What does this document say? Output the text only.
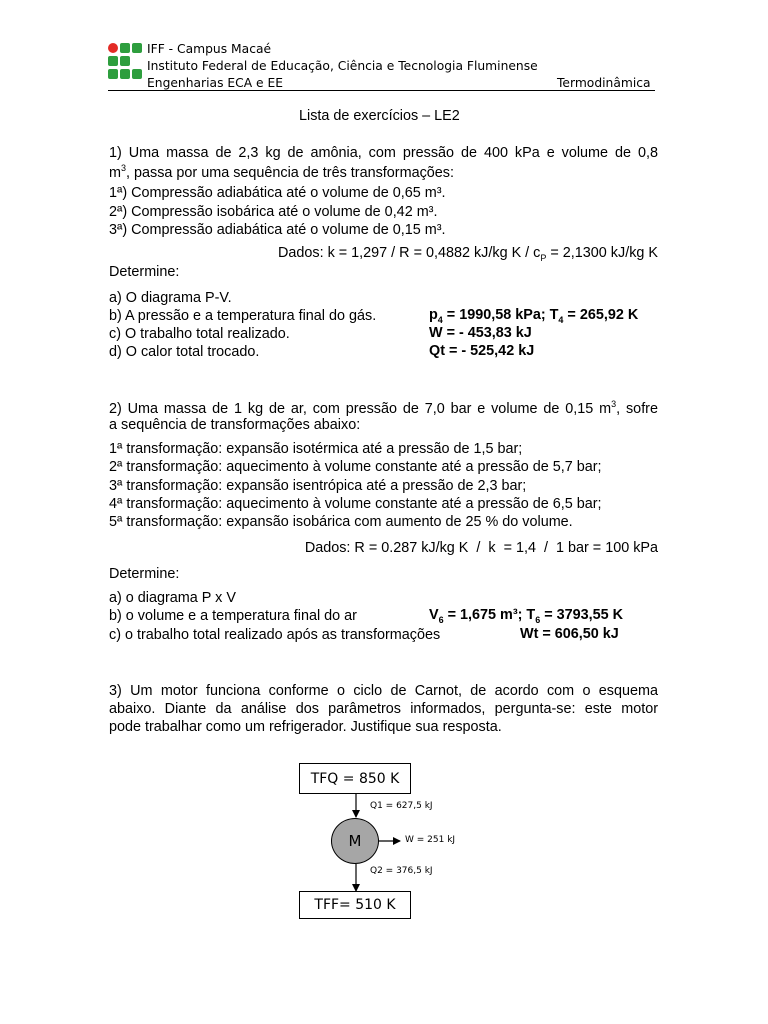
IFF - Campus Macaé
Instituto Federal de Educação, Ciência e Tecnologia Fluminense
Engenharias ECA e EE	Termodinâmica
Lista de exercícios – LE2
1) Uma massa de 2,3 kg de amônia, com pressão de 400 kPa e volume de 0,8
$m^3$, passa por uma sequência de três transformações:
1ª) Compressão adiabática até o volume de 0,65 m³.
2ª) Compressão isobárica até o volume de 0,42 m³.
3ª) Compressão adiabática até o volume de 0,15 m³.
Dados: k = 1,297 / R = 0,4882 kJ/kg $K / c_P = 2,1300$ kJ/kg K
Determine:
a) O diagrama P-V.
b) A pressão e a temperatura final do gás.
c) O trabalho total realizado.
d) O calor total trocado.
$p_4 = 1990,58$ kPa; $T_4 = 265,92$ K
W = - 453,83 kJ
Qt = - 525,42 kJ
2) Uma massa de 1 kg de ar, com pressão de 7,0 bar e volume de 0,15 $m^3$, sofre
a sequência de transformações abaixo:
1ª transformação: expansão isotérmica até a pressão de 1,5 bar;
2ª transformação: aquecimento à volume constante até a pressão de 5,7 bar;
3ª transformação: expansão isentrópica até a pressão de 2,3 bar;
4ª transformação: aquecimento à volume constante até a pressão de 6,5 bar;
5ª transformação: expansão isobárica com aumento de 25 % do volume.
Dados: R = 0.287 kJ/kg K  /  k  = 1,4  /  1 bar = 100 kPa
Determine:
a) o diagrama P x V
b) o volume e a temperatura final do ar
c) o trabalho total realizado após as transformações
$V_6 = 1,675$ m³; $T_6 = 3793,55$ K
Wt = 606,50 kJ
3) Um motor funciona conforme o ciclo de Carnot, de acordo com o esquema
abaixo. Diante da análise dos parâmetros informados, pergunta-se: este motor
pode trabalhar como um refrigerador. Justifique sua resposta.
TFQ = 850 K
M
Q1 = 627,5 kJ
W = 251 kJ
Q2 = 376,5 kJ
TFF= 510 K
